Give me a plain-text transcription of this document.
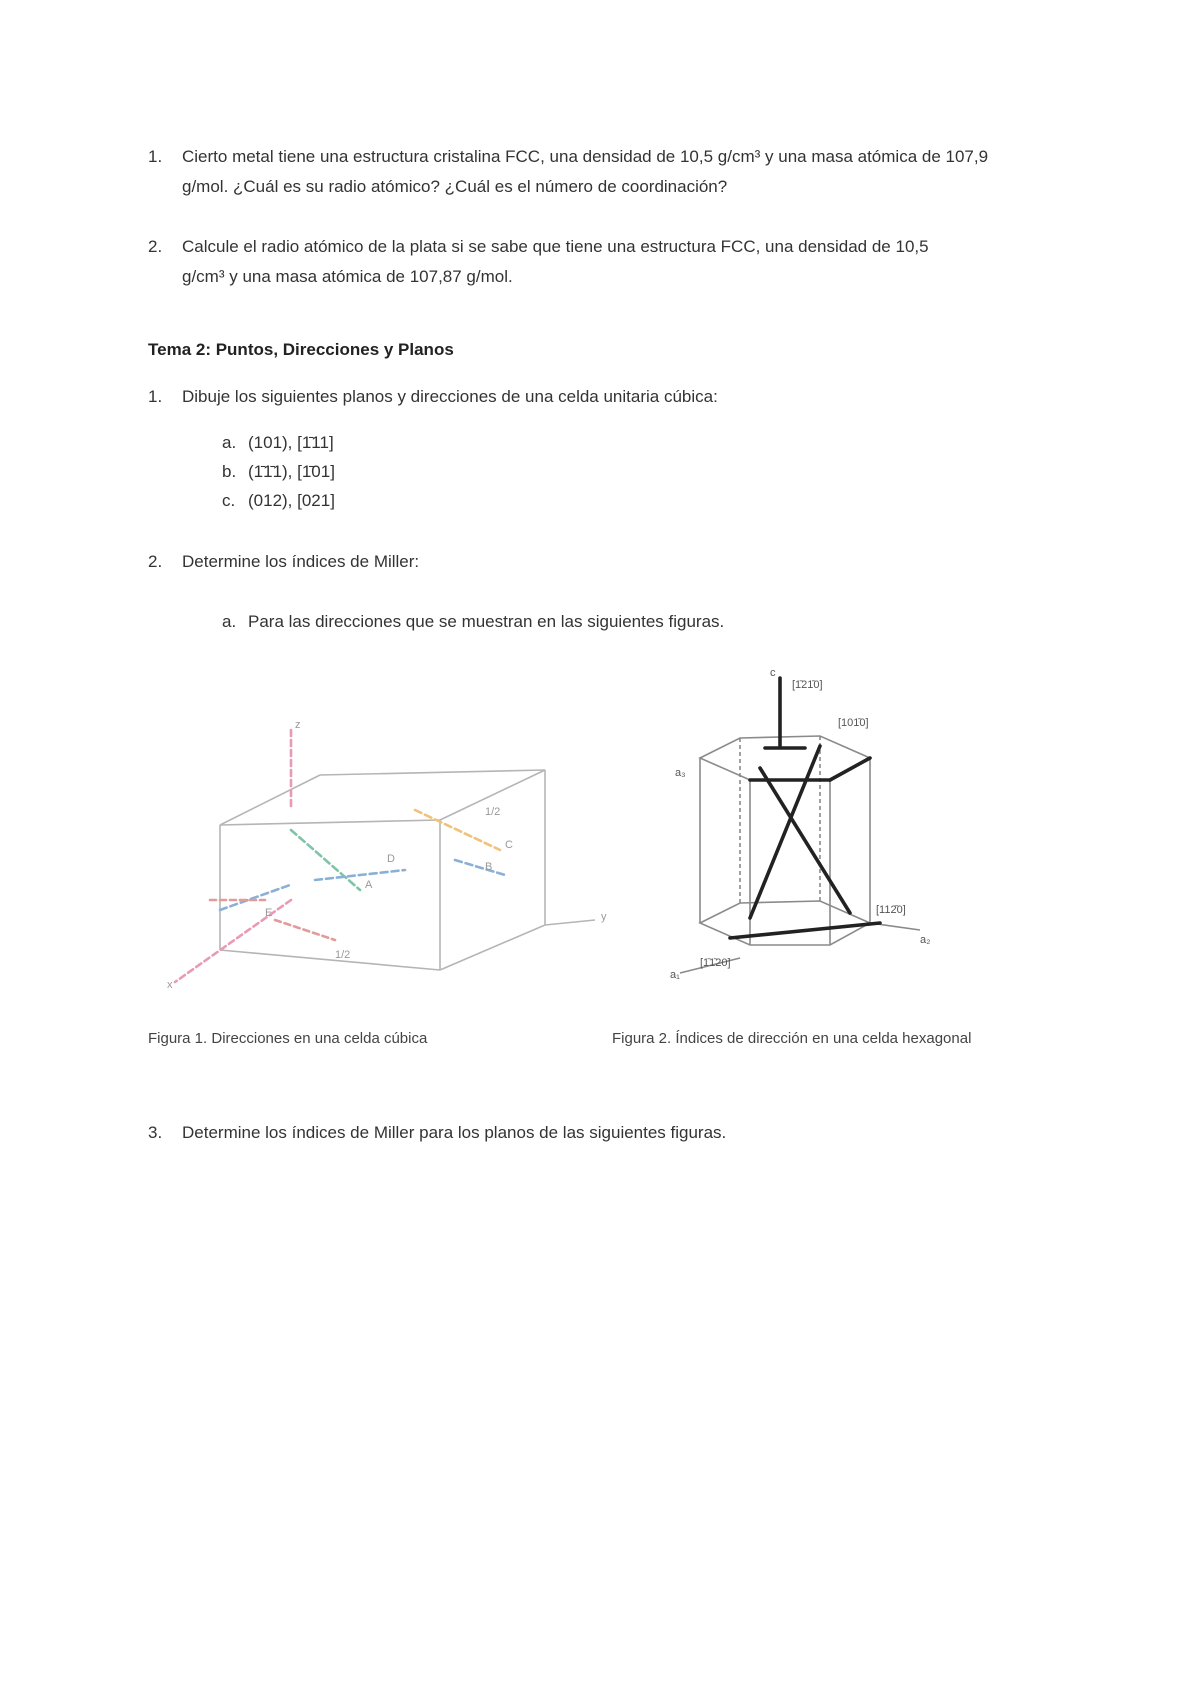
1. Cierto metal tiene una estructura cristalina FCC, una densidad de 10,5 g/cm³ y una masa atómica de 107,9
g/mol. ¿Cuál es su radio atómico? ¿Cuál es el número de coordinación?
2. Calcule el radio atómico de la plata si se sabe que tiene una estructura FCC, una densidad de 10,5
g/cm³ y una masa atómica de 107,87 g/mol.
Tema 2: Puntos, Direcciones y Planos
1. Dibuje los siguientes planos y direcciones de una celda unitaria cúbica:
a. (101), [1̄11]
b. (1̄1̄1), [1̄01]
c. (012), [021]
2. Determine los índices de Miller:
a. Para las direcciones que se muestran en las siguientes figuras.
z
x
y
A
B
C
D
E
1/2
1/2
[1̄21̄0]
[101̄0]
[112̄0]
[1̄1̄20]
a₁
a₂
a₃
c
Figura 1. Direcciones en una celda cúbica	Figura 2. Índices de dirección en una celda hexagonal
3. Determine los índices de Miller para los planos de las siguientes figuras.
